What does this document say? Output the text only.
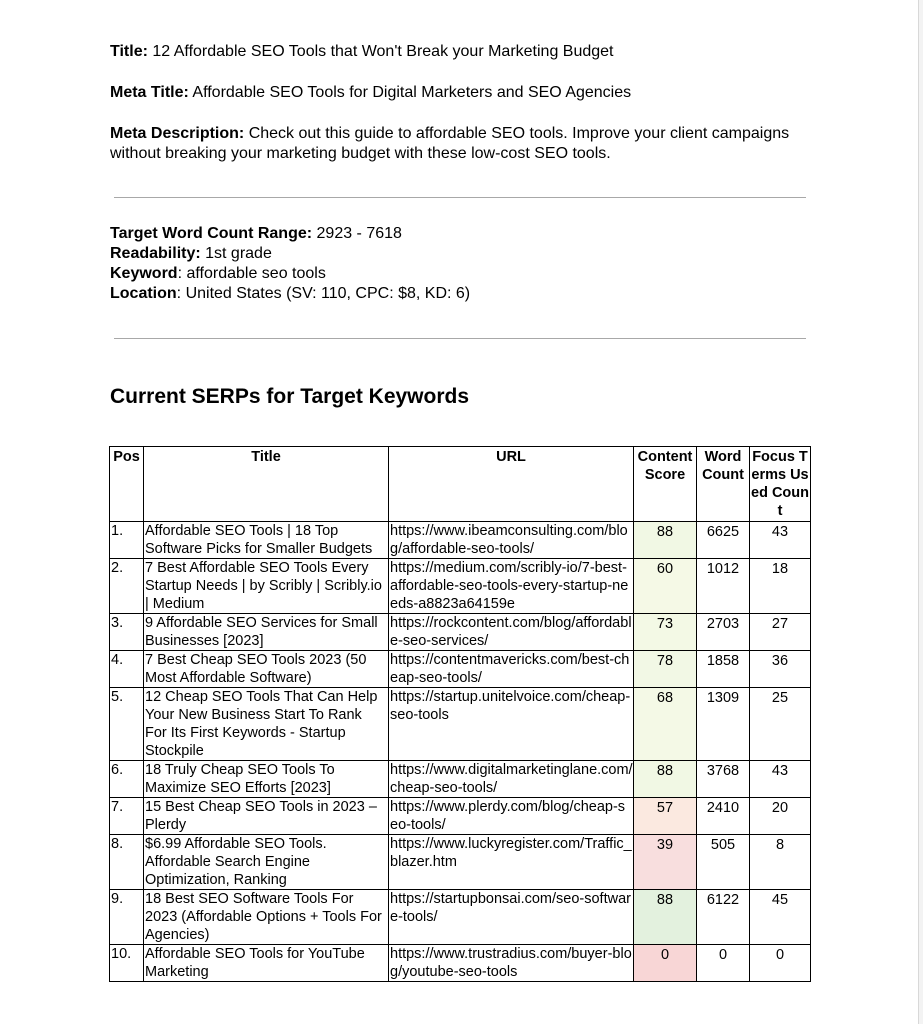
Title: 12 Affordable SEO Tools that Won't Break your Marketing Budget
Meta Title: Affordable SEO Tools for Digital Marketers and SEO Agencies
Meta Description: Check out this guide to affordable SEO tools. Improve your client campaigns without breaking your marketing budget with these low-cost SEO tools.
Target Word Count Range: 2923 - 7618
Readability: 1st grade
Keyword: affordable seo tools
Location: United States (SV: 110, CPC: $8, KD: 6)
Current SERPs for Target Keywords
Pos	Title	URL	Content Score	Word Count	Focus Terms Used Count
1.	Affordable SEO Tools | 18 Top Software Picks for Smaller Budgets	https://www.ibeamconsulting.com/blog/affordable-seo-tools/	88	6625	43
2.	7 Best Affordable SEO Tools Every Startup Needs | by Scribly | Scribly.io | Medium	https://medium.com/scribly-io/7-best-affordable-seo-tools-every-startup-needs-a8823a64159e	60	1012	18
3.	9 Affordable SEO Services for Small Businesses [2023]	https://rockcontent.com/blog/affordable-seo-services/	73	2703	27
4.	7 Best Cheap SEO Tools 2023 (50 Most Affordable Software)	https://contentmavericks.com/best-cheap-seo-tools/	78	1858	36
5.	12 Cheap SEO Tools That Can Help Your New Business Start To Rank For Its First Keywords - Startup Stockpile	https://startup.unitelvoice.com/cheap-seo-tools	68	1309	25
6.	18 Truly Cheap SEO Tools To Maximize SEO Efforts [2023]	https://www.digitalmarketinglane.com/cheap-seo-tools/	88	3768	43
7.	15 Best Cheap SEO Tools in 2023 – Plerdy	https://www.plerdy.com/blog/cheap-seo-tools/	57	2410	20
8.	$6.99 Affordable SEO Tools. Affordable Search Engine Optimization, Ranking	https://www.luckyregister.com/Traffic_blazer.htm	39	505	8
9.	18 Best SEO Software Tools For 2023 (Affordable Options + Tools For Agencies)	https://startupbonsai.com/seo-software-tools/	88	6122	45
10.	Affordable SEO Tools for YouTube Marketing	https://www.trustradius.com/buyer-blog/youtube-seo-tools	0	0	0
